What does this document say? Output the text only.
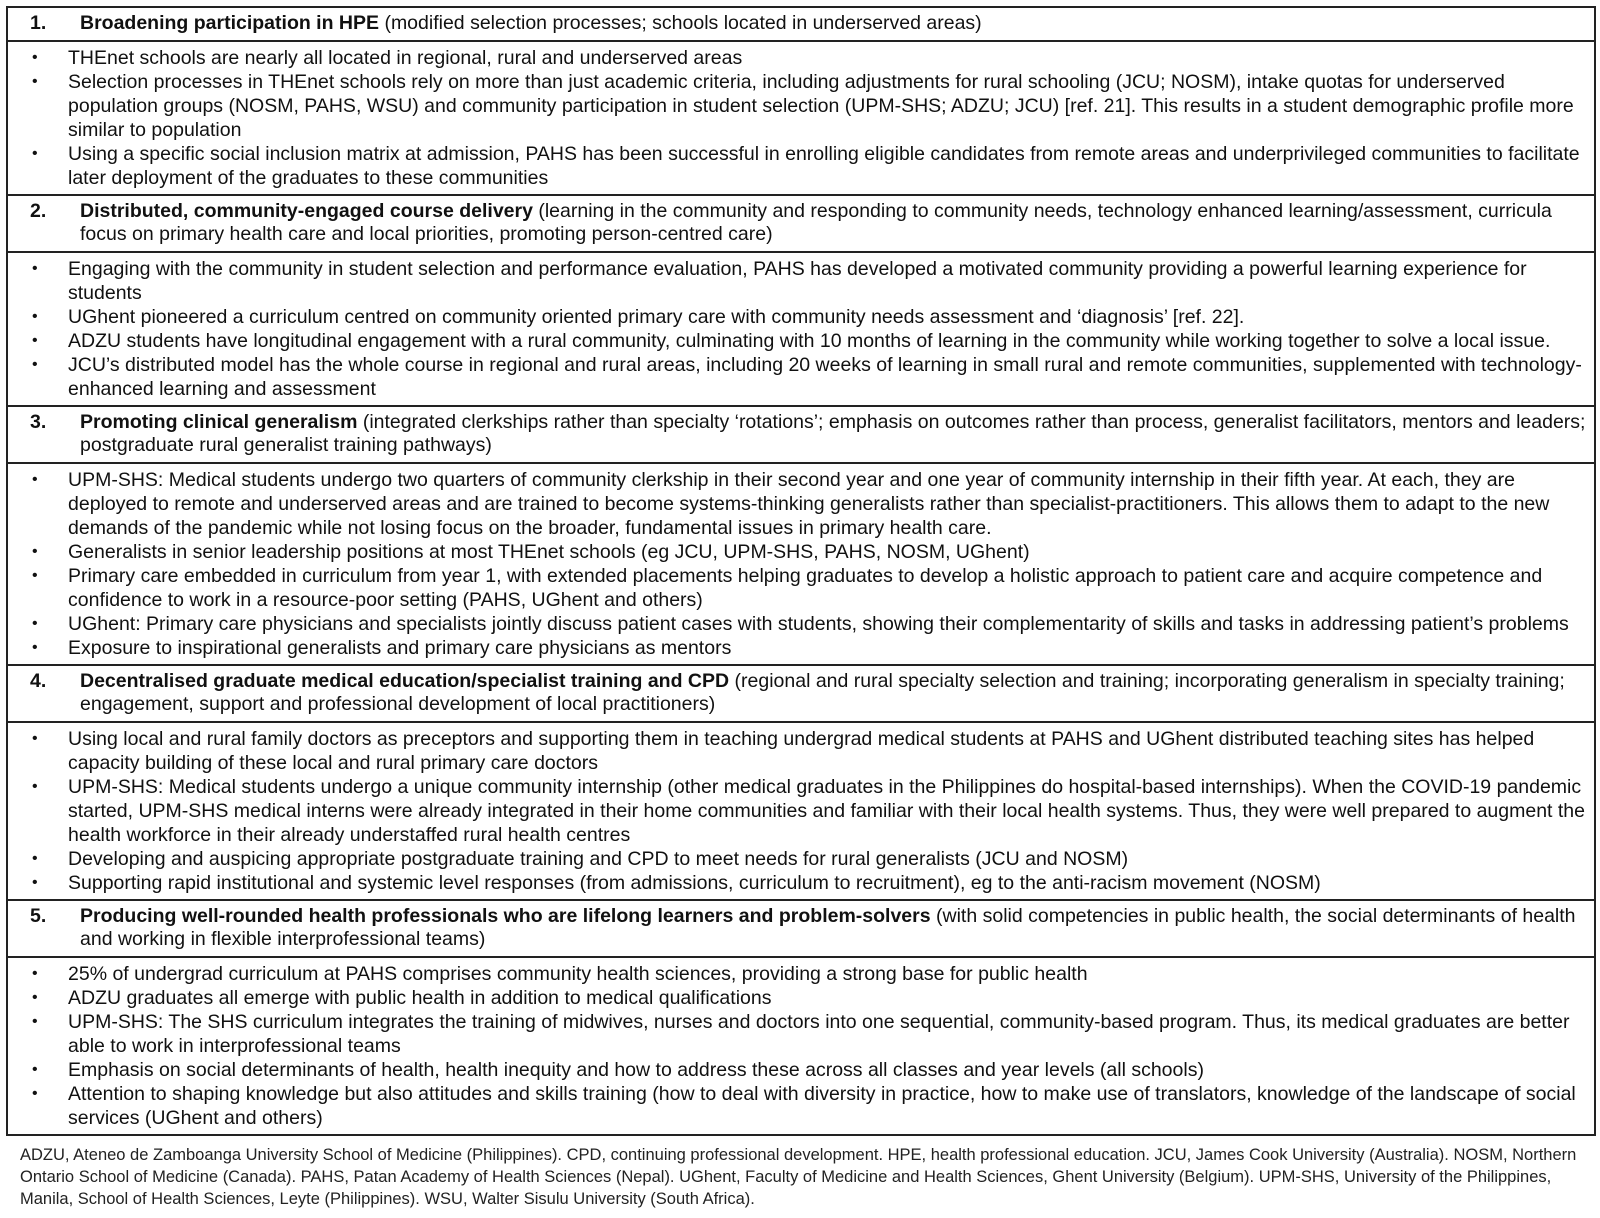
1.	Broadening participation in HPE (modified selection processes; schools located in underserved areas)
•	THEnet schools are nearly all located in regional, rural and underserved areas
•	Selection processes in THEnet schools rely on more than just academic criteria, including adjustments for rural schooling (JCU; NOSM), intake quotas for underserved population groups (NOSM, PAHS, WSU) and community participation in student selection (UPM-SHS; ADZU; JCU) [ref. 21]. This results in a student demographic profile more similar to population
•	Using a specific social inclusion matrix at admission, PAHS has been successful in enrolling eligible candidates from remote areas and underprivileged communities to facilitate later deployment of the graduates to these communities
2.	Distributed, community-engaged course delivery (learning in the community and responding to community needs, technology enhanced learning/assessment, curricula focus on primary health care and local priorities, promoting person-centred care)
•	Engaging with the community in student selection and performance evaluation, PAHS has developed a motivated community providing a powerful learning experience for students
•	UGhent pioneered a curriculum centred on community oriented primary care with community needs assessment and ‘diagnosis’ [ref. 22].
•	ADZU students have longitudinal engagement with a rural community, culminating with 10 months of learning in the community while working together to solve a local issue.
•	JCU’s distributed model has the whole course in regional and rural areas, including 20 weeks of learning in small rural and remote communities, supplemented with technology-enhanced learning and assessment
3.	Promoting clinical generalism (integrated clerkships rather than specialty ‘rotations’; emphasis on outcomes rather than process, generalist facilitators, mentors and leaders; postgraduate rural generalist training pathways)
•	UPM-SHS: Medical students undergo two quarters of community clerkship in their second year and one year of community internship in their fifth year. At each, they are deployed to remote and underserved areas and are trained to become systems-thinking generalists rather than specialist-practitioners. This allows them to adapt to the new demands of the pandemic while not losing focus on the broader, fundamental issues in primary health care.
•	Generalists in senior leadership positions at most THEnet schools (eg JCU, UPM-SHS, PAHS, NOSM, UGhent)
•	Primary care embedded in curriculum from year 1, with extended placements helping graduates to develop a holistic approach to patient care and acquire competence and confidence to work in a resource-poor setting (PAHS, UGhent and others)
•	UGhent: Primary care physicians and specialists jointly discuss patient cases with students, showing their complementarity of skills and tasks in addressing patient’s problems
•	Exposure to inspirational generalists and primary care physicians as mentors
4.	Decentralised graduate medical education/specialist training and CPD (regional and rural specialty selection and training; incorporating generalism in specialty training; engagement, support and professional development of local practitioners)
•	Using local and rural family doctors as preceptors and supporting them in teaching undergrad medical students at PAHS and UGhent distributed teaching sites has helped capacity building of these local and rural primary care doctors
•	UPM-SHS: Medical students undergo a unique community internship (other medical graduates in the Philippines do hospital-based internships). When the COVID-19 pandemic started, UPM-SHS medical interns were already integrated in their home communities and familiar with their local health systems. Thus, they were well prepared to augment the health workforce in their already understaffed rural health centres
•	Developing and auspicing appropriate postgraduate training and CPD to meet needs for rural generalists (JCU and NOSM)
•	Supporting rapid institutional and systemic level responses (from admissions, curriculum to recruitment), eg to the anti-racism movement (NOSM)
5.	Producing well-rounded health professionals who are lifelong learners and problem-solvers (with solid competencies in public health, the social determinants of health and working in flexible interprofessional teams)
•	25% of undergrad curriculum at PAHS comprises community health sciences, providing a strong base for public health
•	ADZU graduates all emerge with public health in addition to medical qualifications
•	UPM-SHS: The SHS curriculum integrates the training of midwives, nurses and doctors into one sequential, community-based program. Thus, its medical graduates are better able to work in interprofessional teams
•	Emphasis on social determinants of health, health inequity and how to address these across all classes and year levels (all schools)
•	Attention to shaping knowledge but also attitudes and skills training (how to deal with diversity in practice, how to make use of translators, knowledge of the landscape of social services (UGhent and others)
ADZU, Ateneo de Zamboanga University School of Medicine (Philippines). CPD, continuing professional development. HPE, health professional education. JCU, James Cook University (Australia). NOSM, Northern Ontario School of Medicine (Canada). PAHS, Patan Academy of Health Sciences (Nepal). UGhent, Faculty of Medicine and Health Sciences, Ghent University (Belgium). UPM-SHS, University of the Philippines, Manila, School of Health Sciences, Leyte (Philippines). WSU, Walter Sisulu University (South Africa).
